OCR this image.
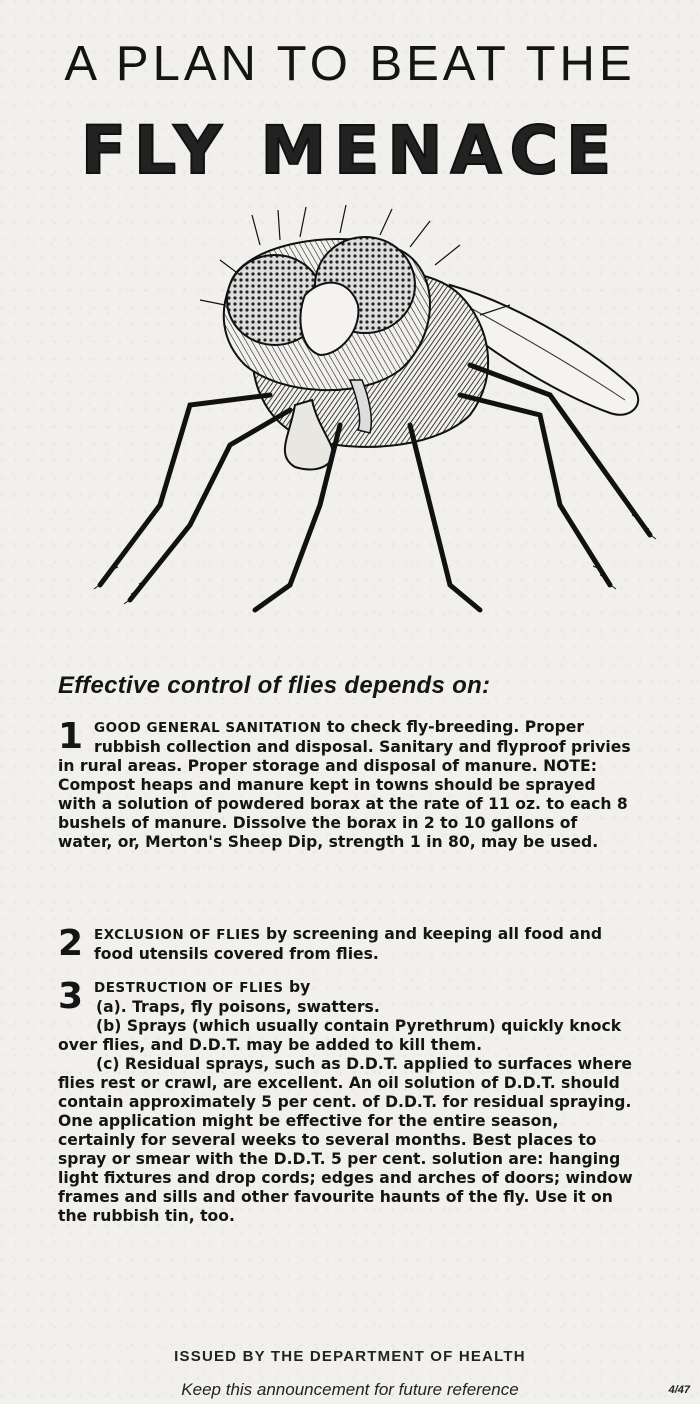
A PLAN TO BEAT THE
FLY MENACE
Effective control of flies depends on:
1 GOOD GENERAL SANITATION to check fly-breeding. Proper rubbish collection and disposal. Sanitary and flyproof privies in rural areas. Proper storage and disposal of manure. NOTE: Compost heaps and manure kept in towns should be sprayed with a solution of powdered borax at the rate of 11 oz. to each 8 bushels of manure. Dissolve the borax in 2 to 10 gallons of water, or, Merton's Sheep Dip, strength 1 in 80, may be used.

2 EXCLUSION OF FLIES by screening and keeping all food and food utensils covered from flies.

3 DESTRUCTION OF FLIES by

(a). Traps, fly poisons, swatters.

(b) Sprays (which usually contain Pyrethrum) quickly knock over flies, and D.D.T. may be added to kill them.

(c) Residual sprays, such as D.D.T. applied to surfaces where flies rest or crawl, are excellent. An oil solution of D.D.T. should contain approximately 5 per cent. of D.D.T. for residual spraying. One application might be effective for the entire season, certainly for several weeks to several months. Best places to spray or smear with the D.D.T. 5 per cent. solution are: hanging light fixtures and drop cords; edges and arches of doors; window frames and sills and other favourite haunts of the fly. Use it on the rubbish tin, too.

ISSUED BY THE DEPARTMENT OF HEALTH
Keep this announcement for future reference	4/47
